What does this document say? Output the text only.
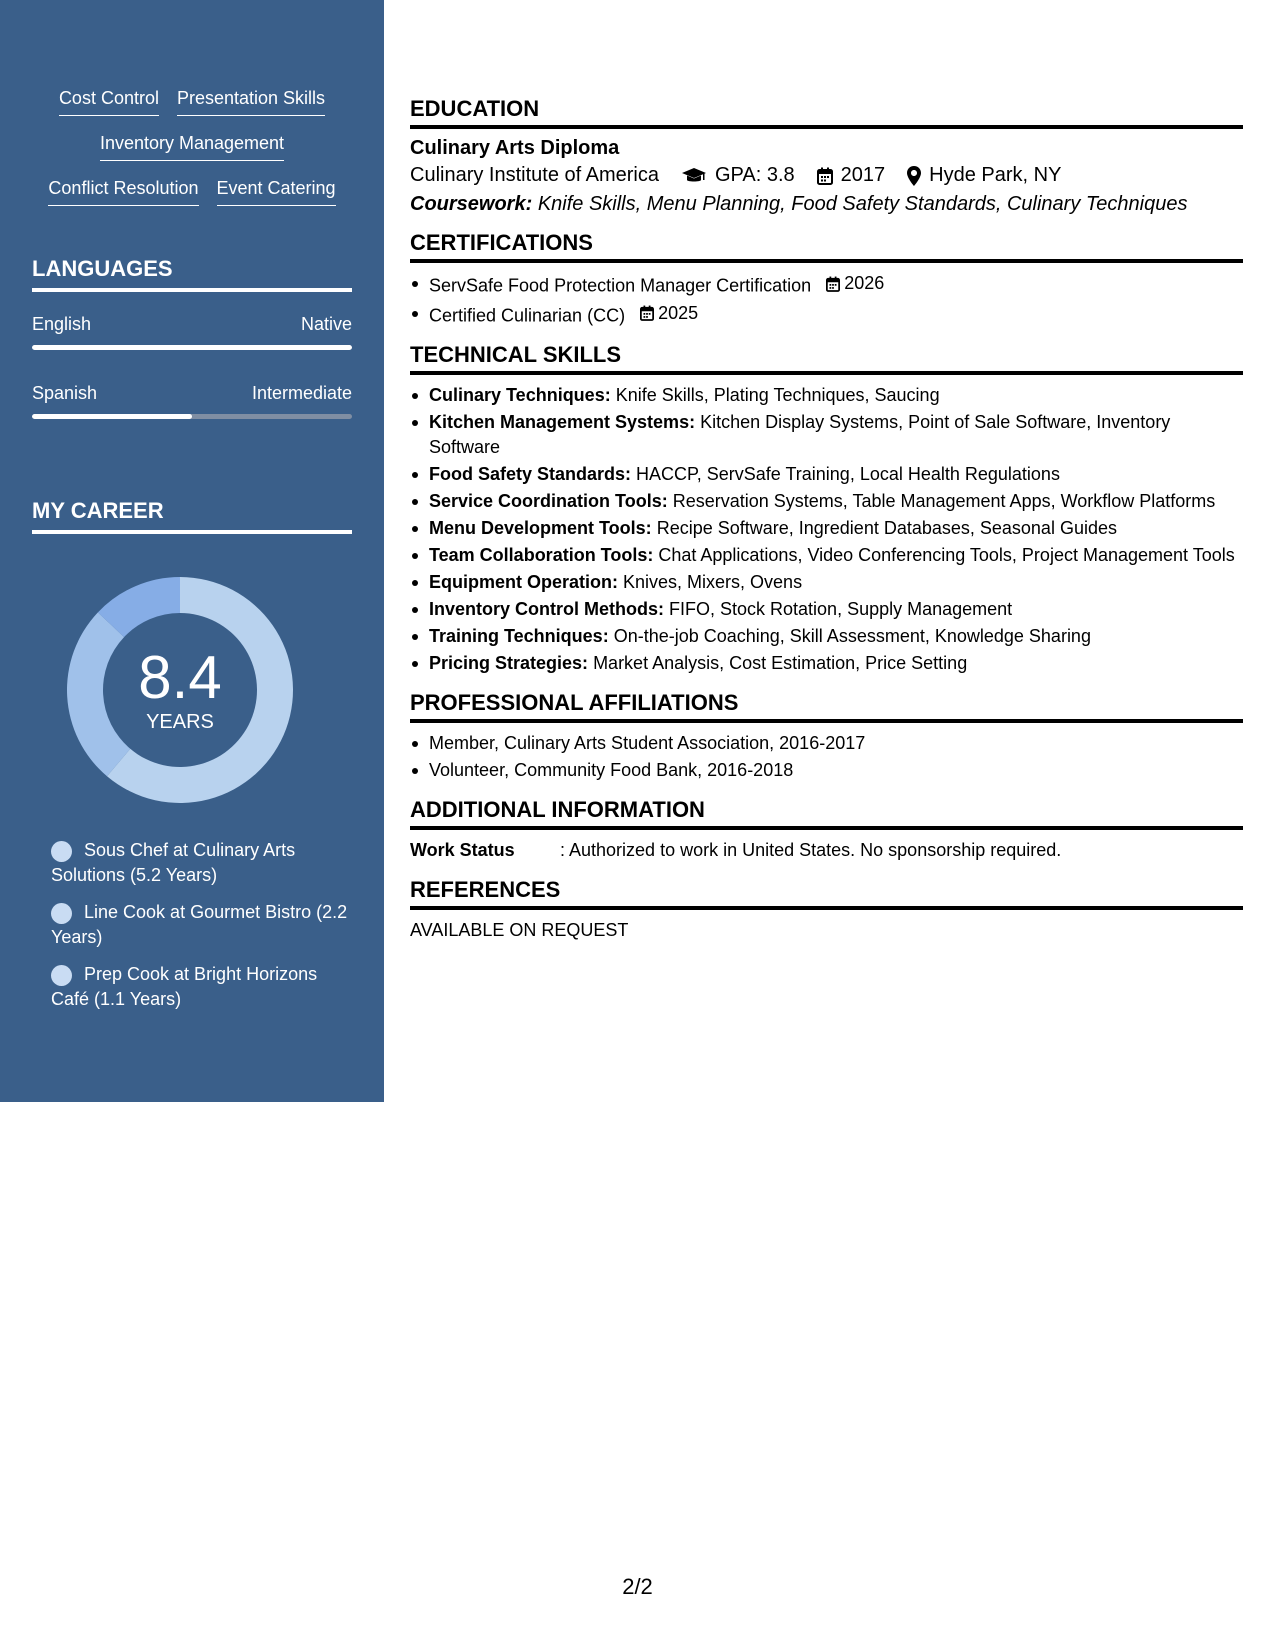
Cost Control Presentation Skills
Inventory Management
Conflict Resolution Event Catering
LANGUAGES
English	Native
Spanish	Intermediate
MY CAREER
8.4
YEARS
Sous Chef at Culinary Arts Solutions (5.2 Years)
Line Cook at Gourmet Bistro (2.2 Years)
Prep Cook at Bright Horizons Café (1.1 Years)
EDUCATION
Culinary Arts Diploma
Culinary Institute of America	GPA: 3.8 2017 Hyde Park, NY
Coursework: Knife Skills, Menu Planning, Food Safety Standards, Culinary Techniques
CERTIFICATIONS
ServSafe Food Protection Manager Certification 2026
Certified Culinarian (CC) 2025
TECHNICAL SKILLS
Culinary Techniques: Knife Skills, Plating Techniques, Saucing
Kitchen Management Systems: Kitchen Display Systems, Point of Sale Software, Inventory Software
Food Safety Standards: HACCP, ServSafe Training, Local Health Regulations
Service Coordination Tools: Reservation Systems, Table Management Apps, Workflow Platforms
Menu Development Tools: Recipe Software, Ingredient Databases, Seasonal Guides
Team Collaboration Tools: Chat Applications, Video Conferencing Tools, Project Management Tools
Equipment Operation: Knives, Mixers, Ovens
Inventory Control Methods: FIFO, Stock Rotation, Supply Management
Training Techniques: On-the-job Coaching, Skill Assessment, Knowledge Sharing
Pricing Strategies: Market Analysis, Cost Estimation, Price Setting
PROFESSIONAL AFFILIATIONS
Member, Culinary Arts Student Association, 2016-2017
Volunteer, Community Food Bank, 2016-2018
ADDITIONAL INFORMATION
Work Status	: Authorized to work in United States. No sponsorship required.
REFERENCES
AVAILABLE ON REQUEST
2/2
